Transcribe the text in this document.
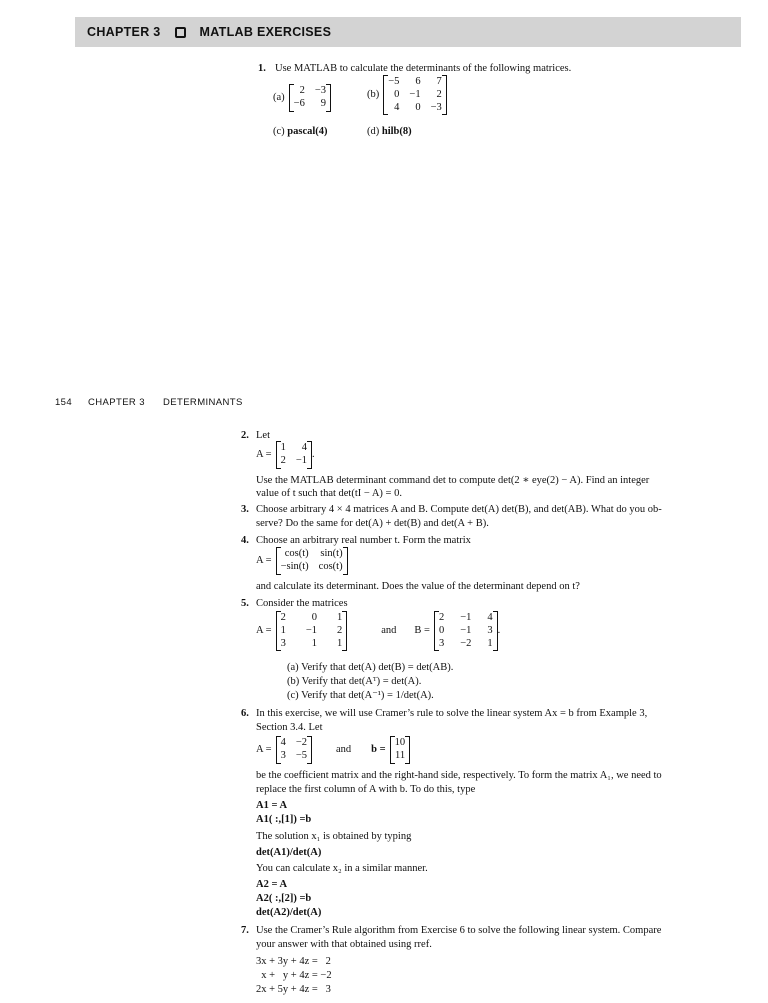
CHAPTER 3	MATLAB EXERCISES
1. Use MATLAB to calculate the determinants of the following matrices.
(a)
2 −3
−6	9
(b)
−5	6	7
0 −1	2
4	0 −3
(c) pascal(4)	(d) hilb(8)
154 CHAPTER 3 DETERMINANTS
2. Let
A =
1	4
2 −1
.
Use the MATLAB determinant command det to compute det(2 ∗ eye(2) − A). Find an integer
value of t such that det(tI − A) = 0.
3. Choose arbitrary 4 × 4 matrices A and B. Compute det(A) det(B), and det(AB). What do you ob-
serve? Do the same for det(A) + det(B) and det(A + B).
4. Choose an arbitrary real number t. Form the matrix
A =
cos(t) sin(t)
−sin(t) cos(t)
and calculate its determinant. Does the value of the determinant depend on t?
5. Consider the matrices
A =
2	0 1
1 −1 2
3	1 1
and B =
2 −1 4
0 −1 3
3 −2 1
.
(a) Verify that det(A) det(B) = det(AB).
(b) Verify that det(Aᵀ) = det(A).
(c) Verify that det(A⁻¹) = 1/det(A).
6. In this exercise, we will use Cramer’s rule to solve the linear system Ax = b from Example 3,
Section 3.4. Let
A =
4 −2
3 −5
and b =
10
11
be the coefficient matrix and the right-hand side, respectively. To form the matrix A₁, we need to
replace the first column of A with b. To do this, type
A1 = A
A1( :,[1]) =b
The solution x₁ is obtained by typing
det(A1)/det(A)
You can calculate x₂ in a similar manner.
A2 = A
A2( :,[2]) =b
det(A2)/det(A)
7. Use the Cramer’s Rule algorithm from Exercise 6 to solve the following linear system. Compare
your answer with that obtained using rref.
3x + 3y + 4z =   2
x +   y + 4z = −2
2x + 5y + 4z =   3
